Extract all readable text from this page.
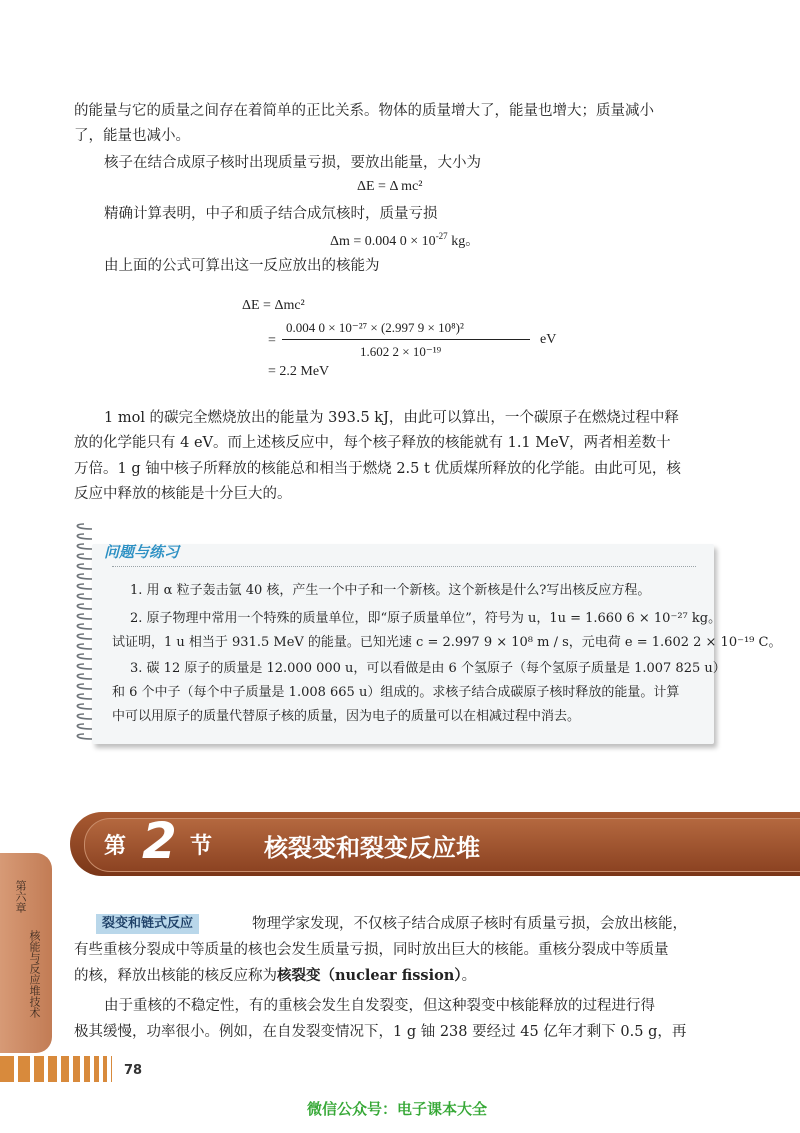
的能量与它的质量之间存在着简单的正比关系。物体的质量增大了，能量也增大；质量减小
了，能量也减小。
核子在结合成原子核时出现质量亏损，要放出能量，大小为
ΔE = Δ mc²
精确计算表明，中子和质子结合成氘核时，质量亏损
Δm = 0.004 $0 \times 10^{-27}$ kg。
由上面的公式可算出这一反应放出的核能为
ΔE = Δmc²
=
0.004 0 × 10⁻²⁷ × (2.997 9 × 10⁸)²
1.602 2 × 10⁻¹⁹
eV
= 2.2 MeV
1 mol 的碳完全燃烧放出的能量为 393.5 kJ，由此可以算出，一个碳原子在燃烧过程中释
放的化学能只有 4 eV。而上述核反应中，每个核子释放的核能就有 1.1 MeV，两者相差数十
万倍。1 g 铀中核子所释放的核能总和相当于燃烧 2.5 t 优质煤所释放的化学能。由此可见，核
反应中释放的核能是十分巨大的。
问题与练习
1. 用 α 粒子轰击氩 40 核，产生一个中子和一个新核。这个新核是什么?写出核反应方程。
2. 原子物理中常用一个特殊的质量单位，即“原子质量单位”，符号为 u，1u = 1.660 6 × 10⁻²⁷ kg。
试证明，1 u 相当于 931.5 MeV 的能量。已知光速 c = 2.997 9 × 10⁸ m / s，元电荷 e = 1.602 2 × 10⁻¹⁹ C。
3. 碳 12 原子的质量是 12.000 000 u，可以看做是由 6 个氢原子（每个氢原子质量是 1.007 825 u）
和 6 个中子（每个中子质量是 1.008 665 u）组成的。求核子结合成碳原子核时释放的能量。计算
中可以用原子的质量代替原子核的质量，因为电子的质量可以在相减过程中消去。
第 2 节 核裂变和裂变反应堆
第六章
核能与反应堆技术
裂变和链式反应	物理学家发现，不仅核子结合成原子核时有质量亏损，会放出核能，
有些重核分裂成中等质量的核也会发生质量亏损，同时放出巨大的核能。重核分裂成中等质量
的核，释放出核能的核反应称为核裂变（nuclear fission）。
由于重核的不稳定性，有的重核会发生自发裂变，但这种裂变中核能释放的过程进行得
极其缓慢，功率很小。例如，在自发裂变情况下，1 g 铀 238 要经过 45 亿年才剩下 0.5 g，再
78
微信公众号：电子课本大全
